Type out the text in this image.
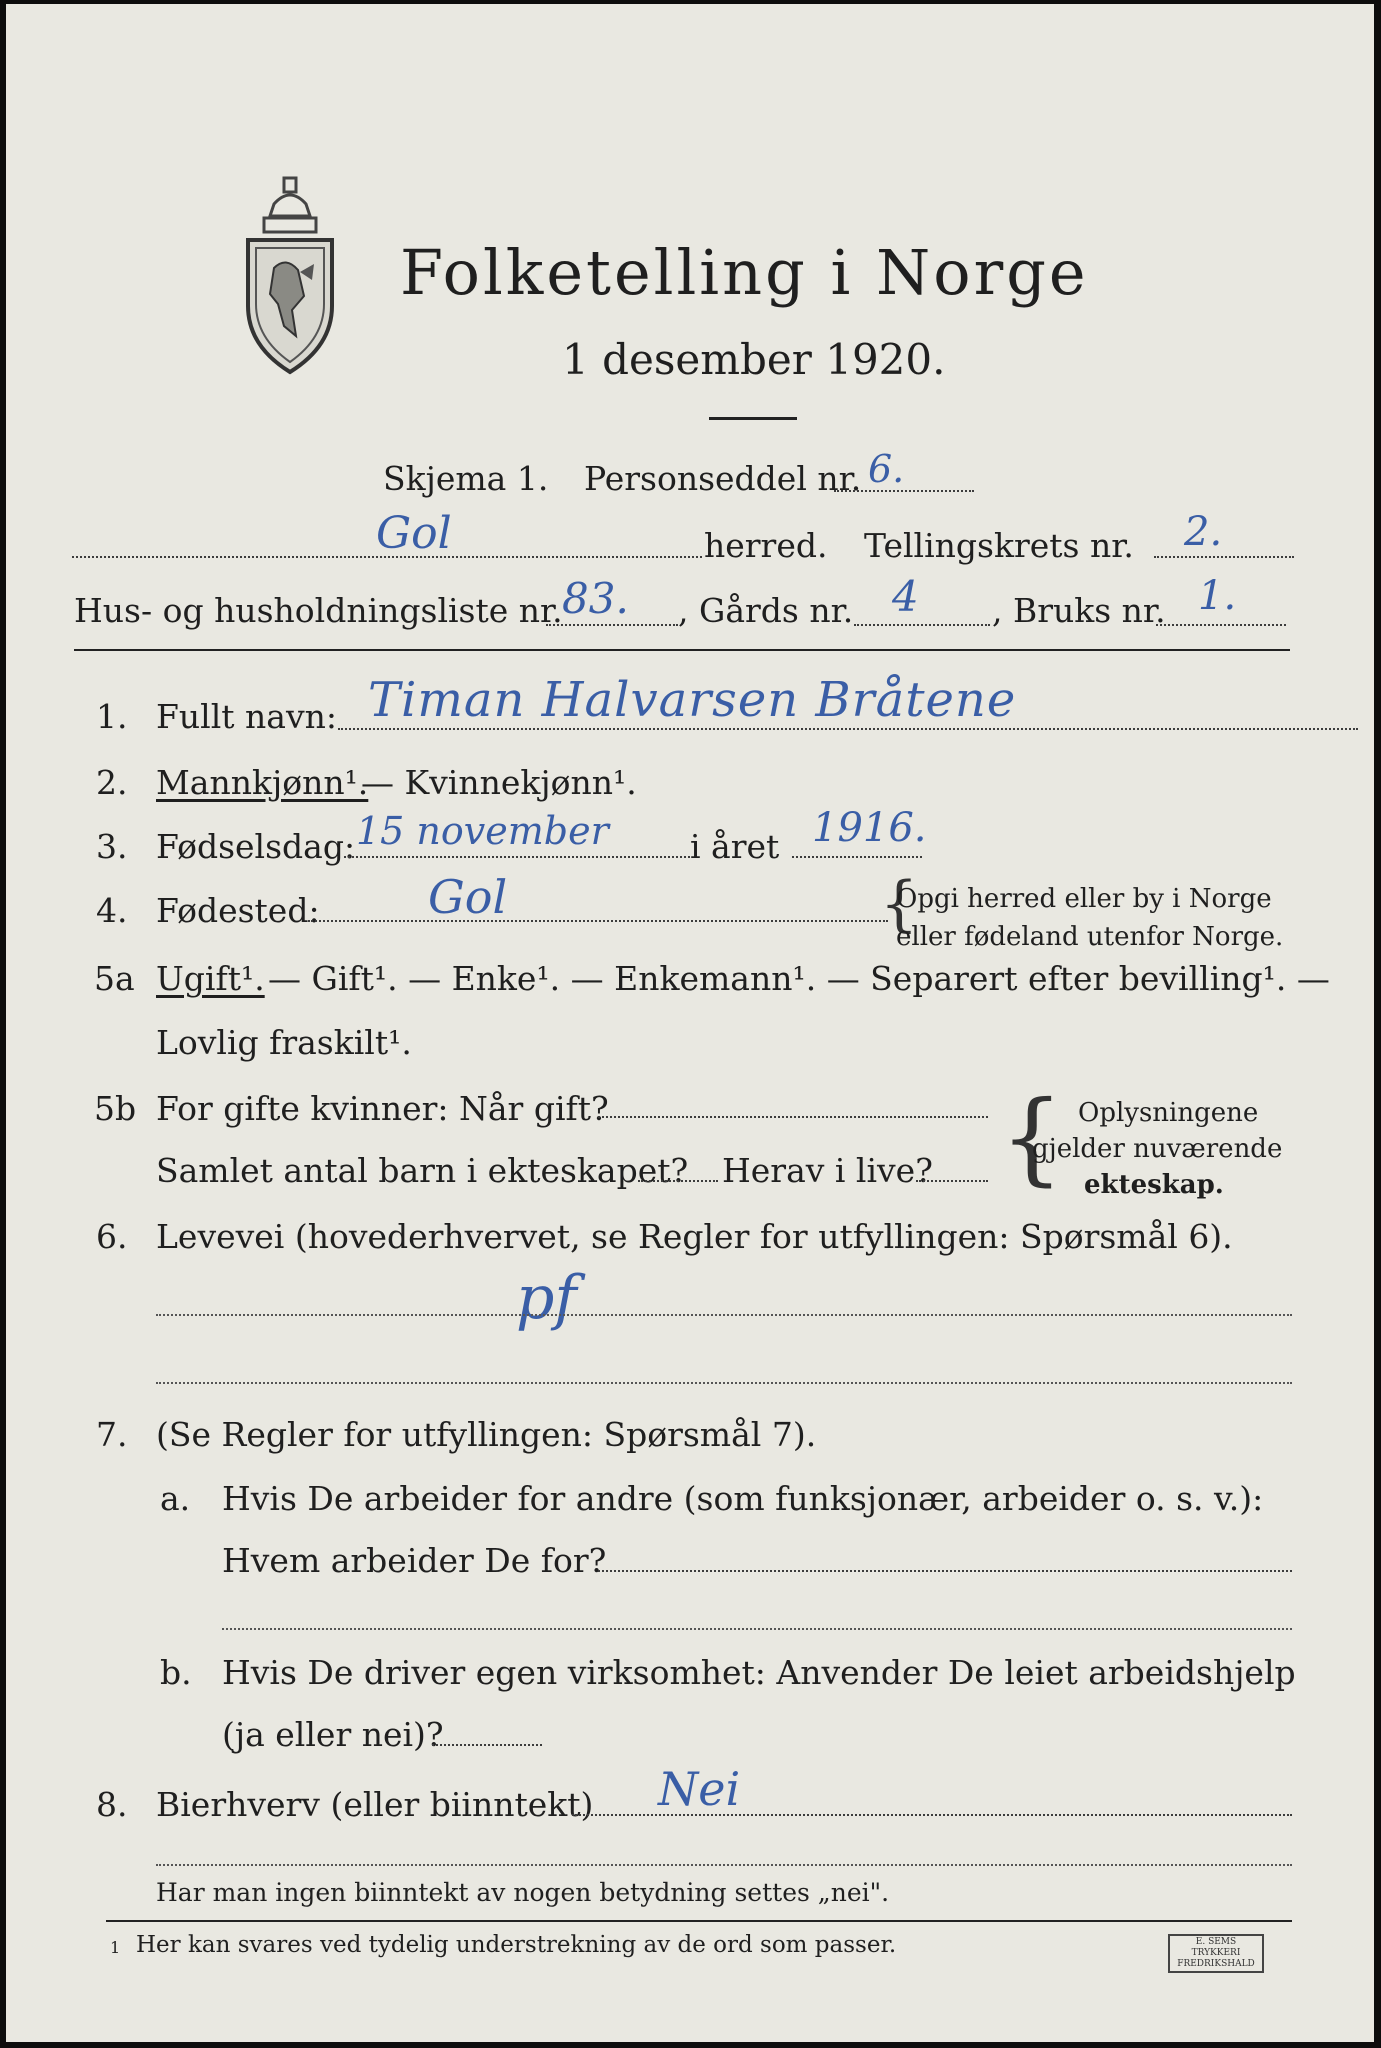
Folketelling i Norge
1 desember 1920.
Skjema 1. Personseddel nr. 6.
Gol	herred. Tellingskrets nr. 2.
Hus- og husholdningsliste nr. 83. , Gårds nr. 4 , Bruks nr. 1.
1. Fullt navn: Timan Halvarsen Bråtene
2. Mannkjønn¹.
— Kvinnekjønn¹.
3. Fødselsdag: 15 november i året 1916.
4. Fødested: Gol	{
Opgi herred eller by i Norge
eller fødeland utenfor Norge.
5a Ugift¹. — Gift¹. — Enke¹. — Enkemann¹. — Separert efter bevilling¹. —
Lovlig fraskilt¹.
5b For gifte kvinner: Når gift?
Samlet antal barn i ekteskapet? Herav i live? { Oplysningene
gjelder nuværende
ekteskap.
6. Levevei (hovederhvervet, se Regler for utfyllingen: Spørsmål 6).
pf
7. (Se Regler for utfyllingen: Spørsmål 7).
a. Hvis De arbeider for andre (som funksjonær, arbeider o. s. v.):
Hvem arbeider De for?
b. Hvis De driver egen virksomhet: Anvender De leiet arbeidshjelp
(ja eller nei)?
8. Bierhverv (eller biinntekt) Nei
Har man ingen biinntekt av nogen betydning settes „nei".
1 Her kan svares ved tydelig understrekning av de ord som passer.	E. SEMS TRYKKERI FREDRIKSHALD
